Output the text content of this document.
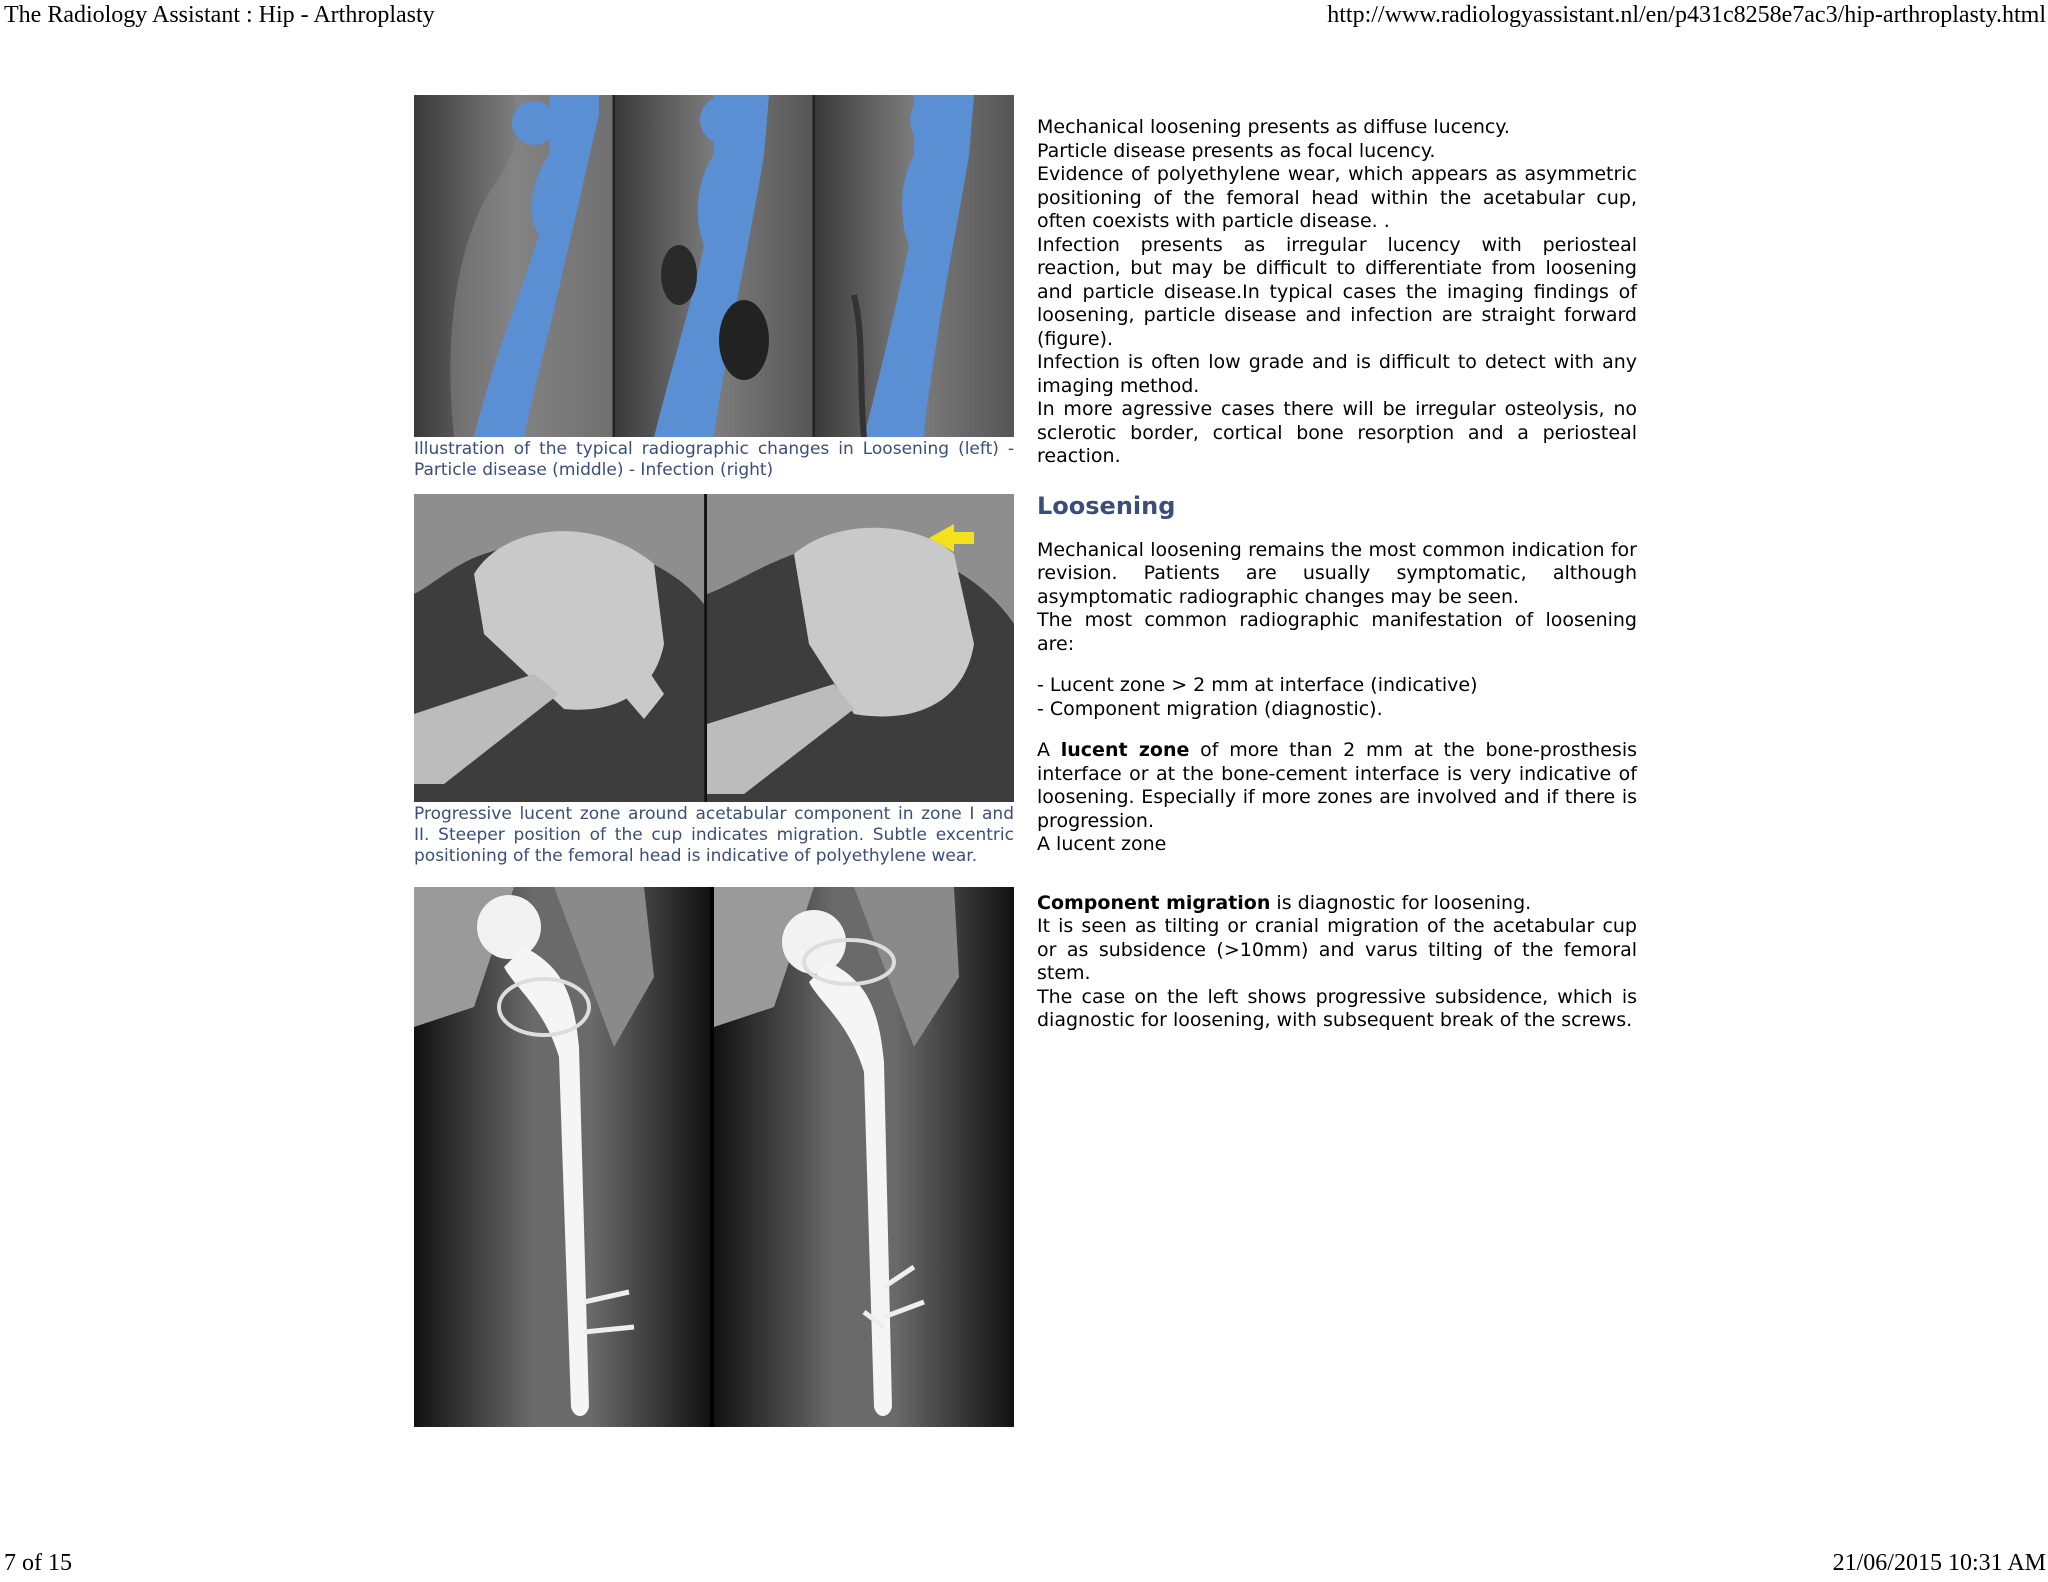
The Radiology Assistant : Hip - Arthroplasty	http://www.radiologyassistant.nl/en/p431c8258e7ac3/hip-arthroplasty.html
Illustration of the typical radiographic changes in Loosening (left) - Particle disease (middle) - Infection (right)
Progressive lucent zone around acetabular component in zone I and II. Steeper position of the cup indicates migration. Subtle excentric positioning of the femoral head is indicative of polyethylene wear.

Mechanical loosening presents as diffuse lucency.

Particle disease presents as focal lucency.

Evidence of polyethylene wear, which appears as asymmetric positioning of the femoral head within the acetabular cup, often coexists with particle disease. .

Infection presents as irregular lucency with periosteal reaction, but may be difficult to differentiate from loosening and particle disease.In typical cases the imaging findings of loosening, particle disease and infection are straight forward (figure).

Infection is often low grade and is difficult to detect with any imaging method.

In more agressive cases there will be irregular osteolysis, no sclerotic border, cortical bone resorption and a periosteal reaction.

Loosening

Mechanical loosening remains the most common indication for revision. Patients are usually symptomatic, although asymptomatic radiographic changes may be seen.

The most common radiographic manifestation of loosening are:

- Lucent zone > 2 mm at interface (indicative)

- Component migration (diagnostic).

A lucent zone of more than 2 mm at the bone-prosthesis interface or at the bone-cement interface is very indicative of loosening. Especially if more zones are involved and if there is progression.

A lucent zone

Component migration is diagnostic for loosening.

It is seen as tilting or cranial migration of the acetabular cup or as subsidence (>10mm) and varus tilting of the femoral stem.

The case on the left shows progressive subsidence, which is diagnostic for loosening, with subsequent break of the screws.

7 of 15	21/06/2015 10:31 AM
